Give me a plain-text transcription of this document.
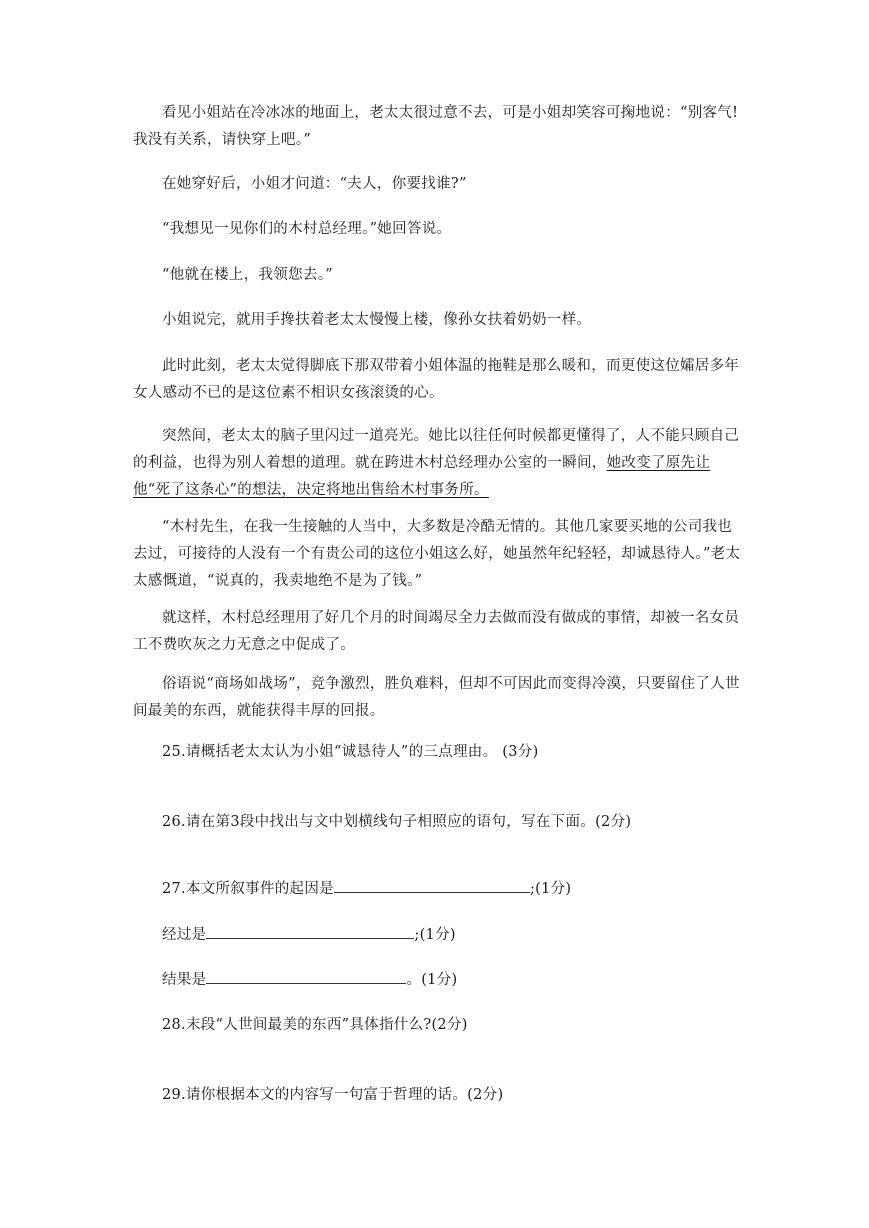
看见小姐站在冷冰冰的地面上，老太太很过意不去，可是小姐却笑容可掬地说：“别客气!我没有关系，请快穿上吧。”

在她穿好后，小姐才问道：“夫人，你要找谁?”

“我想见一见你们的木村总经理。”她回答说。

“他就在楼上，我领您去。”

小姐说完，就用手搀扶着老太太慢慢上楼，像孙女扶着奶奶一样。

此时此刻，老太太觉得脚底下那双带着小姐体温的拖鞋是那么暖和，而更使这位孀居多年女人感动不已的是这位素不相识女孩滚烫的心。

突然间，老太太的脑子里闪过一道亮光。她比以往任何时候都更懂得了，人不能只顾自己的利益，也得为别人着想的道理。就在跨进木村总经理办公室的一瞬间，她改变了原先让他“死了这条心”的想法，决定将地出售给木村事务所。

“木村先生，在我一生接触的人当中，大多数是冷酷无情的。其他几家要买地的公司我也去过，可接待的人没有一个有贵公司的这位小姐这么好，她虽然年纪轻轻，却诚恳待人。”老太太感慨道，“说真的，我卖地绝不是为了钱。”

就这样，木村总经理用了好几个月的时间竭尽全力去做而没有做成的事情，却被一名女员工不费吹灰之力无意之中促成了。

俗语说“商场如战场”，竞争激烈，胜负难料，但却不可因此而变得冷漠，只要留住了人世间最美的东西，就能获得丰厚的回报。

25.请概括老太太认为小姐“诚恳待人”的三点理由。 (3分)

26.请在第3段中找出与文中划横线句子相照应的语句，写在下面。(2分)

27.本文所叙事件的起因是	;(1分)

经过是	;(1分)

结果是	。(1分)

28.末段“人世间最美的东西”具体指什么?(2分)

29.请你根据本文的内容写一句富于哲理的话。(2分)
